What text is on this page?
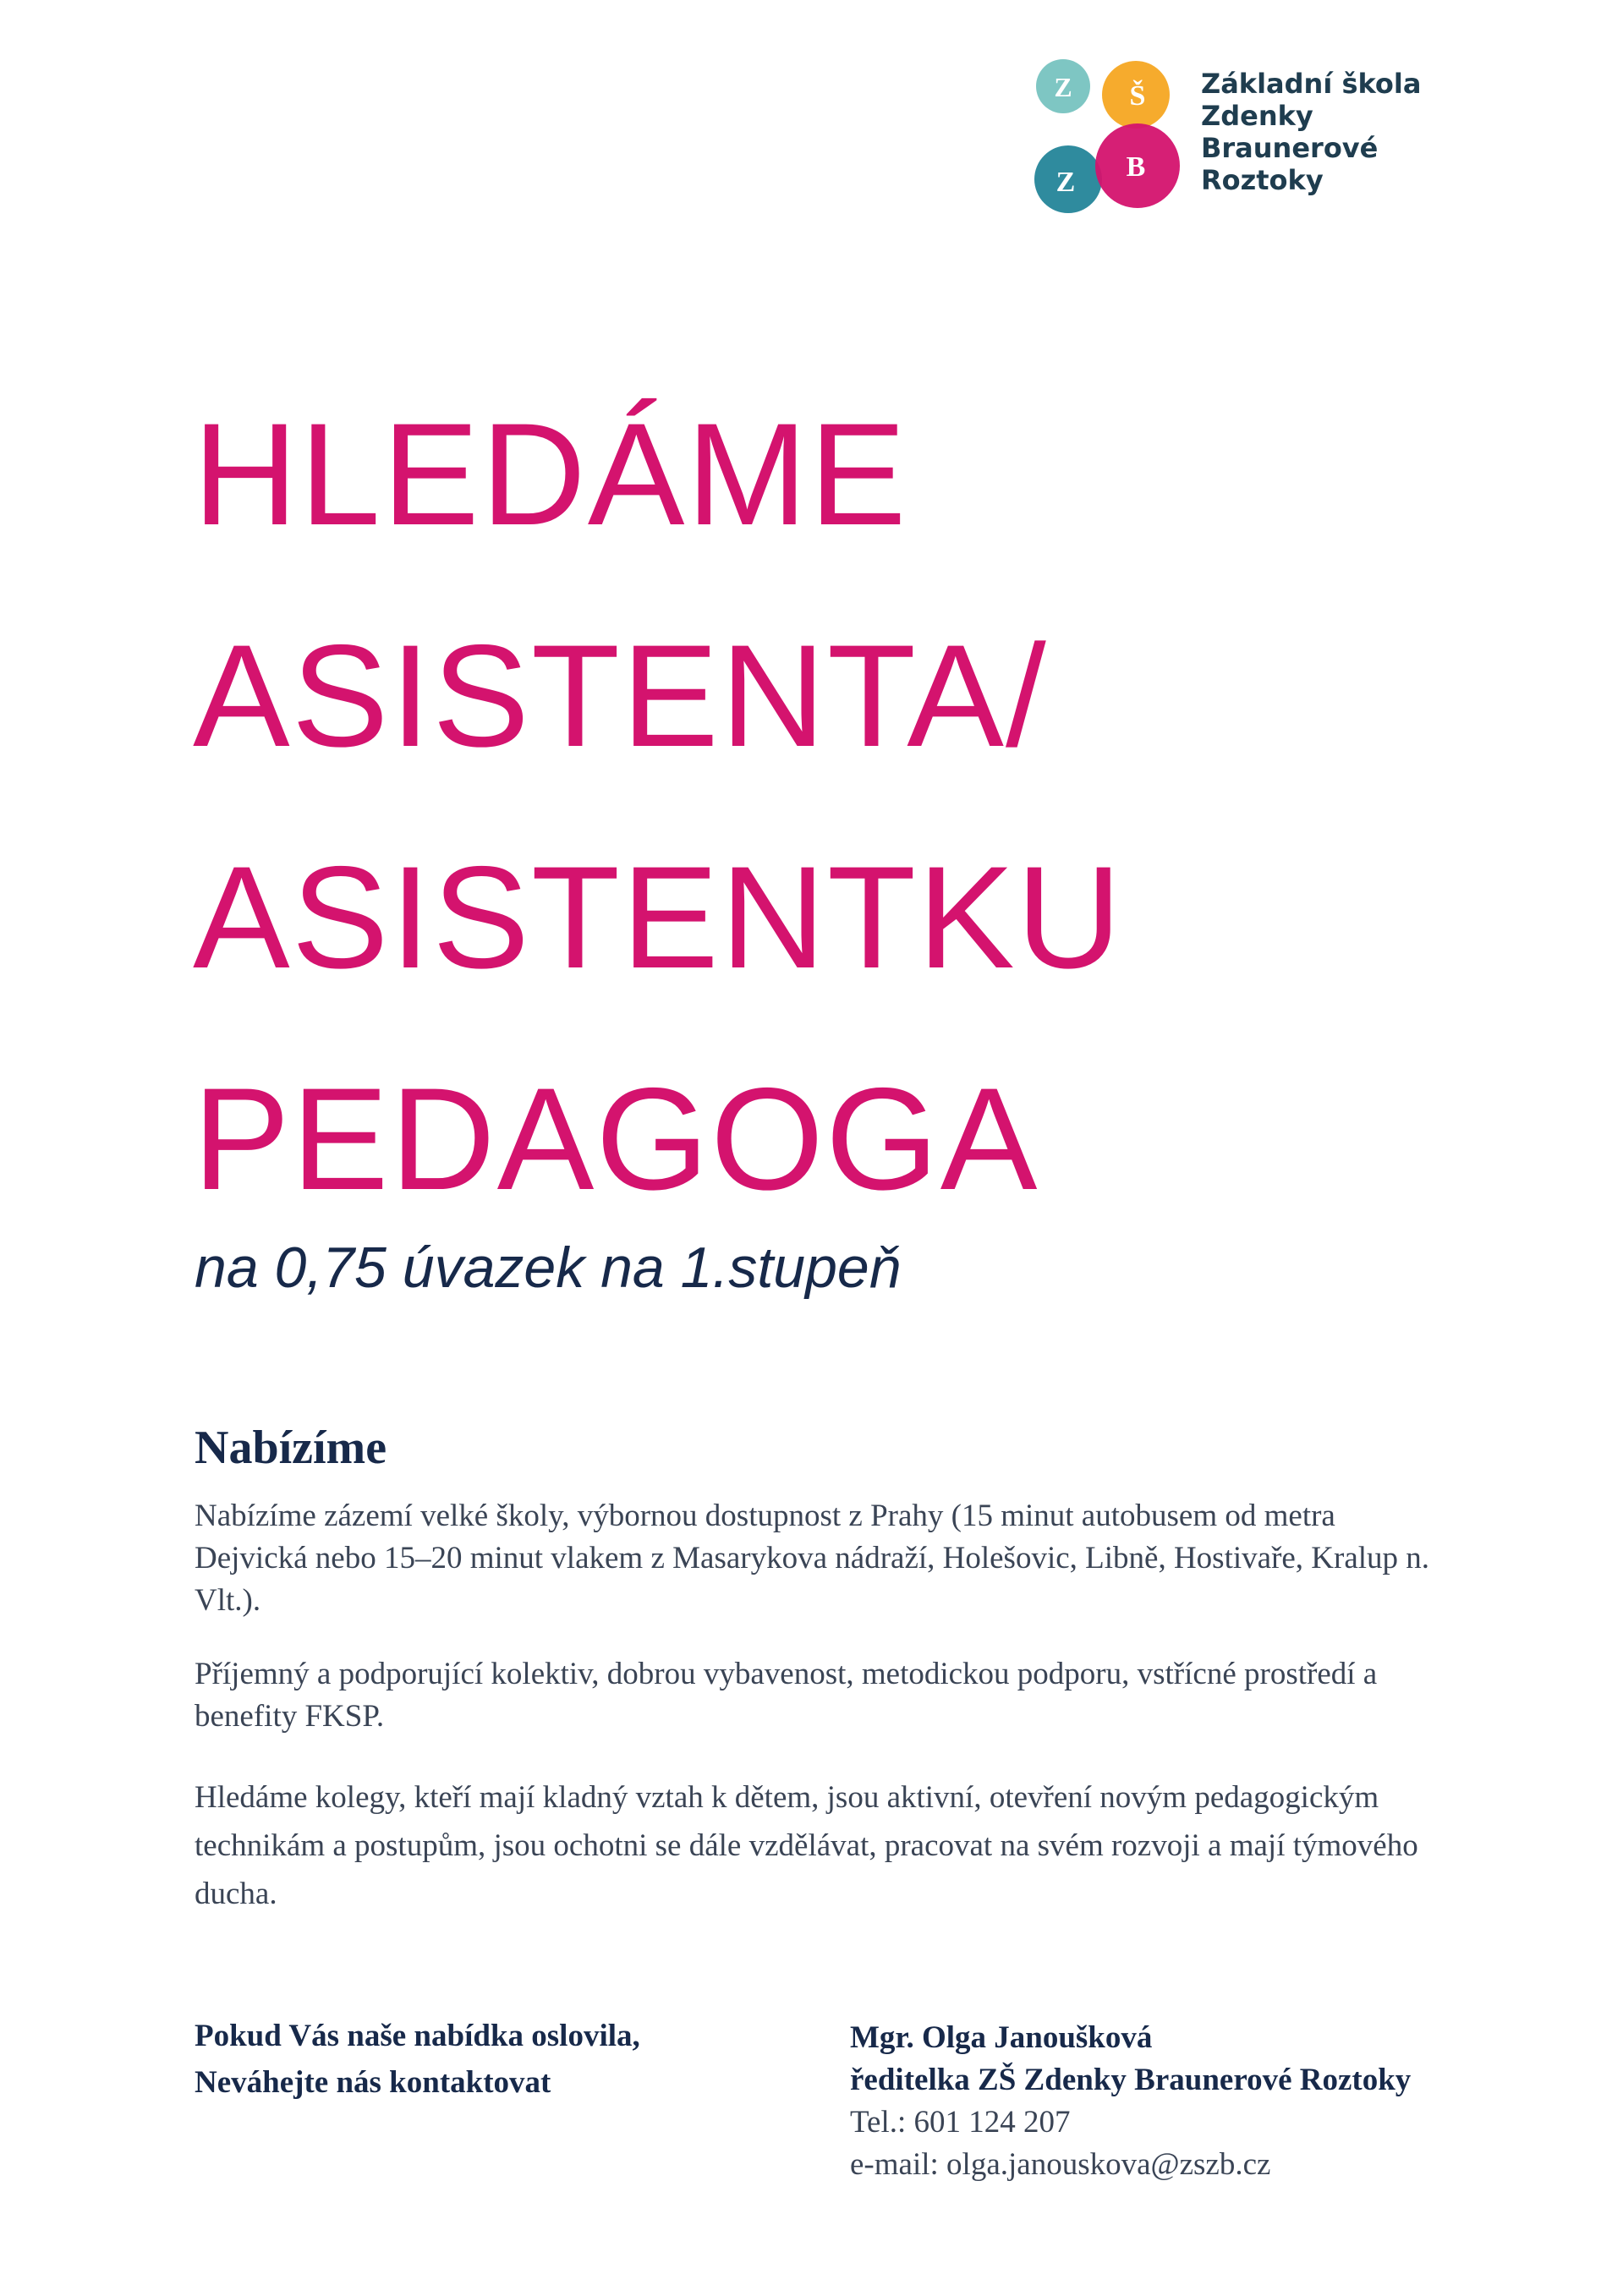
Z Š
Z B
Základní škola
Zdenky
Braunerové
Roztoky
HLEDÁME
ASISTENTA/
ASISTENTKU
PEDAGOGA
na 0,75 úvazek na 1.stupeň
Nabízíme
Nabízíme zázemí velké školy, výbornou dostupnost z Prahy (15 minut autobusem od metra Dejvická nebo 15–20 minut vlakem z Masarykova nádraží, Holešovic, Libně, Hostivaře, Kralup n. Vlt.).
Příjemný a podporující kolektiv, dobrou vybavenost, metodickou podporu, vstřícné prostředí a benefity FKSP.
Hledáme kolegy, kteří mají kladný vztah k dětem, jsou aktivní, otevření novým pedagogickým technikám a postupům, jsou ochotni se dále vzdělávat, pracovat na svém rozvoji a mají týmového ducha.
Pokud Vás naše nabídka oslovila,
Neváhejte nás kontaktovat
Mgr. Olga Janoušková
ředitelka ZŠ Zdenky Braunerové Roztoky
Tel.: 601 124 207
e-mail: olga.janouskova@zszb.cz
